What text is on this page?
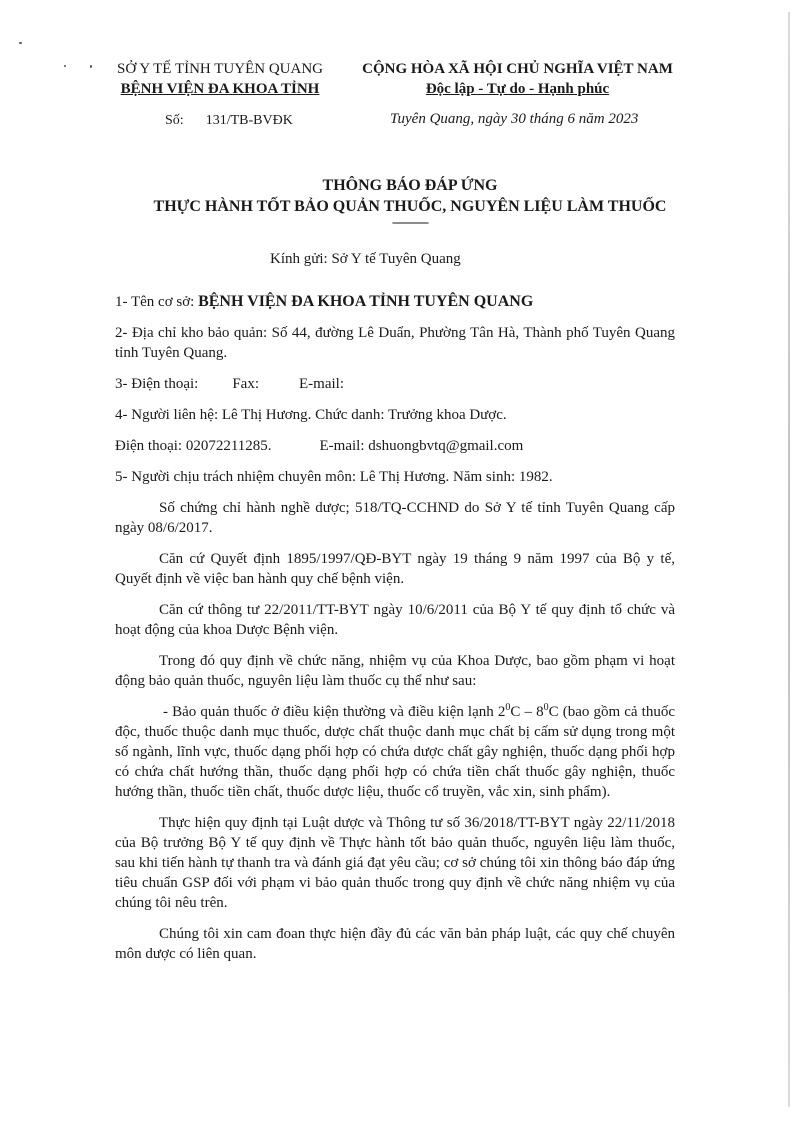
SỞ Y TẾ TỈNH TUYÊN QUANG
BỆNH VIỆN ĐA KHOA TỈNH
CỘNG HÒA XÃ HỘI CHỦ NGHĨA VIỆT NAM
Độc lập - Tự do - Hạnh phúc
Số: 131/TB-BVĐK	Tuyên Quang, ngày 30 tháng 6 năm 2023
THÔNG BÁO ĐÁP ỨNG
THỰC HÀNH TỐT BẢO QUẢN THUỐC, NGUYÊN LIỆU LÀM THUỐC
------------
Kính gửi: Sở Y tế Tuyên Quang

1- Tên cơ sở: BỆNH VIỆN ĐA KHOA TỈNH TUYÊN QUANG

2- Địa chỉ kho bảo quản: Số 44, đường Lê Duẩn, Phường Tân Hà, Thành phố Tuyên Quang tỉnh Tuyên Quang.

3- Điện thoại: Fax:	E-mail:

4- Người liên hệ: Lê Thị Hương. Chức danh: Trưởng khoa Dược.

Điện thoại: 02072211285.	E-mail: dshuongbvtq@gmail.com

5- Người chịu trách nhiệm chuyên môn: Lê Thị Hương. Năm sinh: 1982.

Số chứng chỉ hành nghề dược; 518/TQ-CCHND do Sở Y tế tỉnh Tuyên Quang cấp ngày 08/6/2017.

Căn cứ Quyết định 1895/1997/QĐ-BYT ngày 19 tháng 9 năm 1997 của Bộ y tế, Quyết định về việc ban hành quy chế bệnh viện.

Căn cứ thông tư 22/2011/TT-BYT ngày 10/6/2011 của Bộ Y tế quy định tổ chức và hoạt động của khoa Dược Bệnh viện.

Trong đó quy định về chức năng, nhiệm vụ của Khoa Dược, bao gồm phạm vi hoạt động bảo quản thuốc, nguyên liệu làm thuốc cụ thể như sau:

- Bảo quản thuốc ở điều kiện thường và điều kiện lạnh $2^0C - 8^0C$ (bao gồm cả thuốc độc, thuốc thuộc danh mục thuốc, dược chất thuộc danh mục chất bị cấm sử dụng trong một số ngành, lĩnh vực, thuốc dạng phối hợp có chứa dược chất gây nghiện, thuốc dạng phối hợp có chứa chất hướng thần, thuốc dạng phối hợp có chứa tiền chất thuốc gây nghiện, thuốc hướng thần, thuốc tiền chất, thuốc dược liệu, thuốc cổ truyền, vắc xin, sinh phẩm).

Thực hiện quy định tại Luật dược và Thông tư số 36/2018/TT-BYT ngày 22/11/2018 của Bộ trưởng Bộ Y tế quy định về Thực hành tốt bảo quản thuốc, nguyên liệu làm thuốc, sau khi tiến hành tự thanh tra và đánh giá đạt yêu cầu; cơ sở chúng tôi xin thông báo đáp ứng tiêu chuẩn GSP đối với phạm vi bảo quản thuốc trong quy định về chức năng nhiệm vụ của chúng tôi nêu trên.

Chúng tôi xin cam đoan thực hiện đầy đủ các văn bản pháp luật, các quy chế chuyên môn dược có liên quan.
